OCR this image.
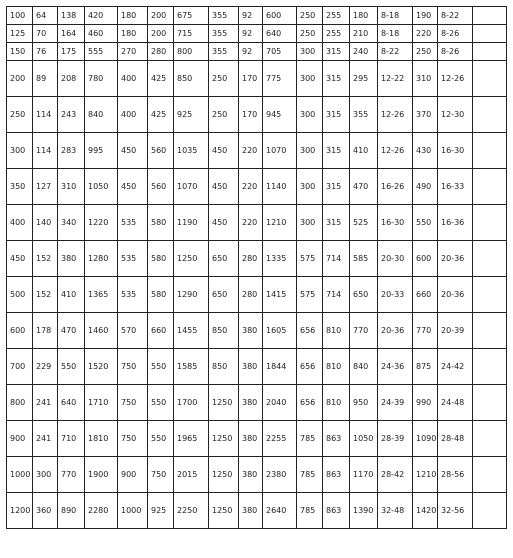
100	64	138	420	180	200	675	355	92	600	250	255	180	8-18	190	8-22	
125	70	164	460	180	200	715	355	92	640	250	255	210	8-18	220	8-26	
150	76	175	555	270	280	800	355	92	705	300	315	240	8-22	250	8-26	
200	89	208	780	400	425	850	250	170	775	300	315	295	12-22	310	12-26	
250	114	243	840	400	425	925	250	170	945	300	315	355	12-26	370	12-30	
300	114	283	995	450	560	1035	450	220	1070	300	315	410	12-26	430	16-30	
350	127	310	1050	450	560	1070	450	220	1140	300	315	470	16-26	490	16-33	
400	140	340	1220	535	580	1190	450	220	1210	300	315	525	16-30	550	16-36	
450	152	380	1280	535	580	1250	650	280	1335	575	714	585	20-30	600	20-36	
500	152	410	1365	535	580	1290	650	280	1415	575	714	650	20-33	660	20-36	
600	178	470	1460	570	660	1455	850	380	1605	656	810	770	20-36	770	20-39	
700	229	550	1520	750	550	1585	850	380	1844	656	810	840	24-36	875	24-42	
800	241	640	1710	750	550	1700	1250	380	2040	656	810	950	24-39	990	24-48	
900	241	710	1810	750	550	1965	1250	380	2255	785	863	1050	28-39	1090	28-48	
1000	300	770	1900	900	750	2015	1250	380	2380	785	863	1170	28-42	1210	28-56	
1200	360	890	2280	1000	925	2250	1250	380	2640	785	863	1390	32-48	1420	32-56	
